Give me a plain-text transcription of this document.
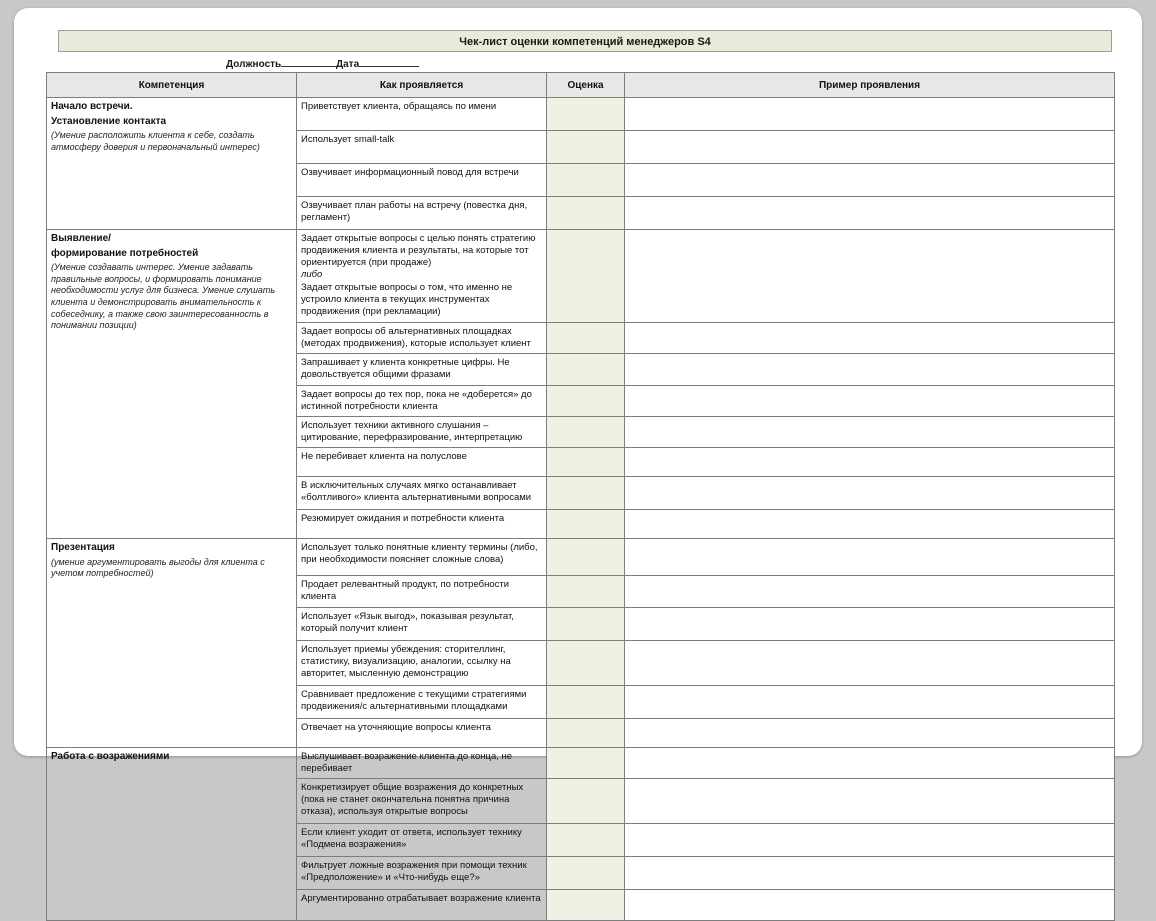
Чек-лист оценки компетенций менеджеров S4
Должность	Дата
Компетенция	Как проявляется	Оценка	Пример проявления

Начало встречи.
Установление контакта
(Умение расположить клиента к себе, создать атмосферу доверия и первоначальный интерес)	Приветствует клиента, обращаясь по имени		
	Использует small-talk		
	Озвучивает информационный повод для встречи		
	Озвучивает план работы на встречу (повестка дня, регламент)		

Выявление/
формирование потребностей
(Умение создавать интерес. Умение задавать правильные вопросы, и формировать понимание необходимости услуг для бизнеса. Умение слушать клиента и демонстрировать внимательность к собеседнику, а также свою заинтересованность в понимании позиции)
	Задает открытые вопросы с целью понять стратегию продвижения клиента и результаты, на которые тот ориентируется (при продаже)
либо
Задает открытые вопросы о том, что именно не устроило клиента в текущих инструментах продвижения (при рекламации)		
	Задает вопросы об альтернативных площадках (методах продвижения), которые использует клиент		
	Запрашивает у клиента конкретные цифры. Не довольствуется общими фразами		
	Задает вопросы до тех пор, пока не «доберется» до истинной потребности клиента		
	Использует техники активного слушания – цитирование, перефразирование, интерпретацию		
	Не перебивает клиента на полуслове		
	В исключительных случаях мягко останавливает «болтливого» клиента альтернативными вопросами		
	Резюмирует ожидания и потребности клиента		

Презентация
(умение аргументировать выгоды для клиента с учетом потребностей)	Использует только понятные клиенту термины (либо, при необходимости поясняет сложные слова)		
	Продает релевантный продукт, по потребности клиента		
	Использует «Язык выгод», показывая результат, который получит клиент		
	Использует приемы убеждения: сторителлинг, статистику, визуализацию, аналогии, ссылку на авторитет, мысленную демонстрацию		
	Сравнивает предложение с текущими стратегиями продвижения/с альтернативными площадками		
	Отвечает на уточняющие вопросы клиента		

Работа с возражениями	Выслушивает возражение клиента до конца, не перебивает		
	Конкретизирует общие возражения до конкретных (пока не станет окончательна понятна причина отказа), используя открытые вопросы		
	Если клиент уходит от ответа, использует технику «Подмена возражения»		
	Фильтрует ложные возражения при помощи техник «Предположение» и «Что-нибудь еще?»		
	Аргументированно отрабатывает возражение клиента		
